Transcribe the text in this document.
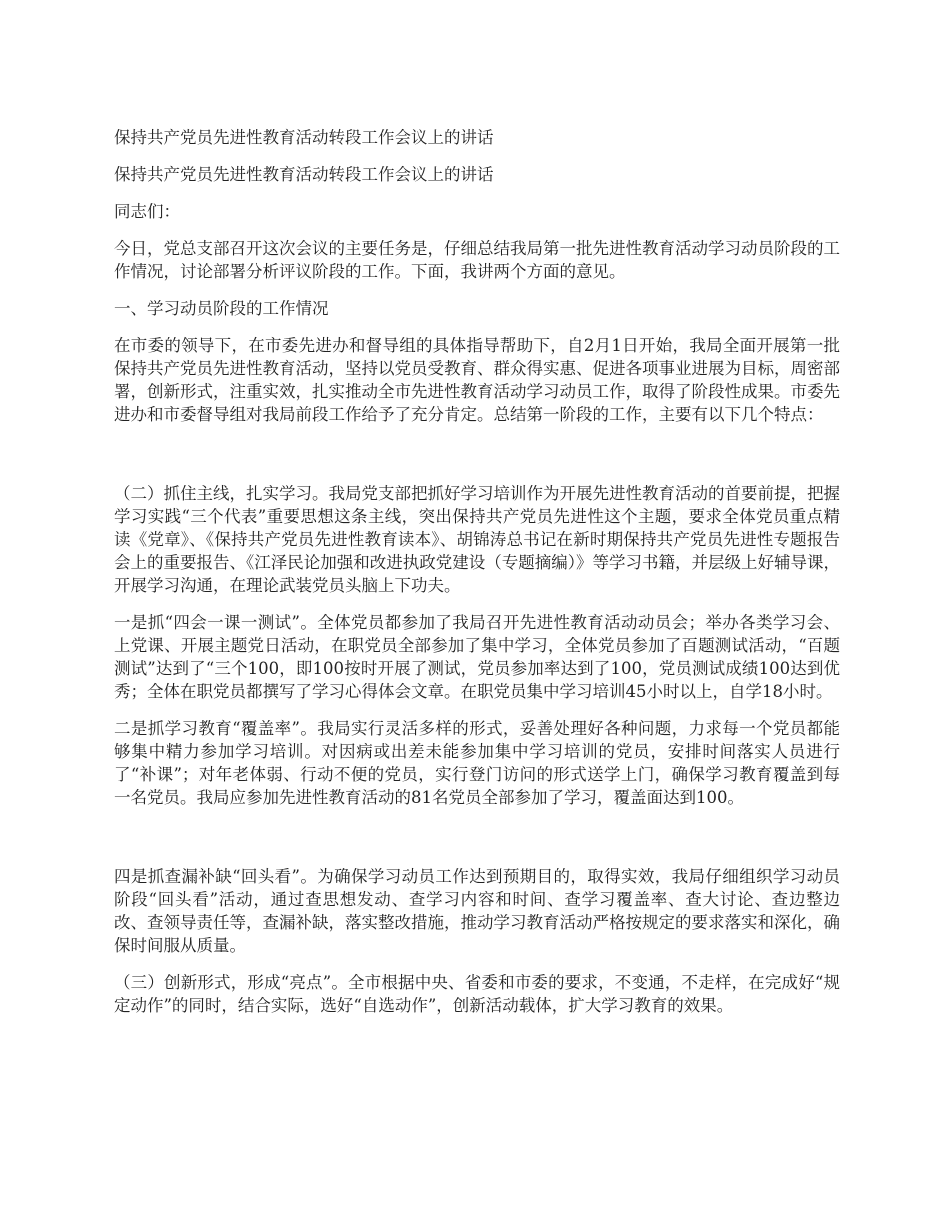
保持共产党员先进性教育活动转段工作会议上的讲话

保持共产党员先进性教育活动转段工作会议上的讲话

同志们：

今日，党总支部召开这次会议的主要任务是，仔细总结我局第一批先进性教育活动学习动员阶段的工作情况，讨论部署分析评议阶段的工作。下面，我讲两个方面的意见。

一、学习动员阶段的工作情况

在市委的领导下，在市委先进办和督导组的具体指导帮助下，自2月1日开始，我局全面开展第一批保持共产党员先进性教育活动，坚持以党员受教育、群众得实惠、促进各项事业进展为目标，周密部署，创新形式，注重实效，扎实推动全市先进性教育活动学习动员工作，取得了阶段性成果。市委先进办和市委督导组对我局前段工作给予了充分肯定。总结第一阶段的工作，主要有以下几个特点：

（二）抓住主线，扎实学习。我局党支部把抓好学习培训作为开展先进性教育活动的首要前提，把握学习实践“三个代表”重要思想这条主线，突出保持共产党员先进性这个主题，要求全体党员重点精读《党章》、《保持共产党员先进性教育读本》、胡锦涛总书记在新时期保持共产党员先进性专题报告会上的重要报告、《江泽民论加强和改进执政党建设（专题摘编）》等学习书籍，并层级上好辅导课，开展学习沟通，在理论武装党员头脑上下功夫。

一是抓“四会一课一测试”。全体党员都参加了我局召开先进性教育活动动员会；举办各类学习会、上党课、开展主题党日活动，在职党员全部参加了集中学习，全体党员参加了百题测试活动，“百题测试”达到了“三个100，即100按时开展了测试，党员参加率达到了100，党员测试成绩100达到优秀；全体在职党员都撰写了学习心得体会文章。在职党员集中学习培训45小时以上，自学18小时。

二是抓学习教育“覆盖率”。我局实行灵活多样的形式，妥善处理好各种问题，力求每一个党员都能够集中精力参加学习培训。对因病或出差未能参加集中学习培训的党员，安排时间落实人员进行了“补课”；对年老体弱、行动不便的党员，实行登门访问的形式送学上门，确保学习教育覆盖到每一名党员。我局应参加先进性教育活动的81名党员全部参加了学习，覆盖面达到100。

四是抓查漏补缺“回头看”。为确保学习动员工作达到预期目的，取得实效，我局仔细组织学习动员阶段“回头看”活动，通过查思想发动、查学习内容和时间、查学习覆盖率、查大讨论、查边整边改、查领导责任等，查漏补缺，落实整改措施，推动学习教育活动严格按规定的要求落实和深化，确保时间服从质量。

（三）创新形式，形成“亮点”。全市根据中央、省委和市委的要求，不变通，不走样，在完成好“规定动作”的同时，结合实际，选好“自选动作”，创新活动载体，扩大学习教育的效果。
